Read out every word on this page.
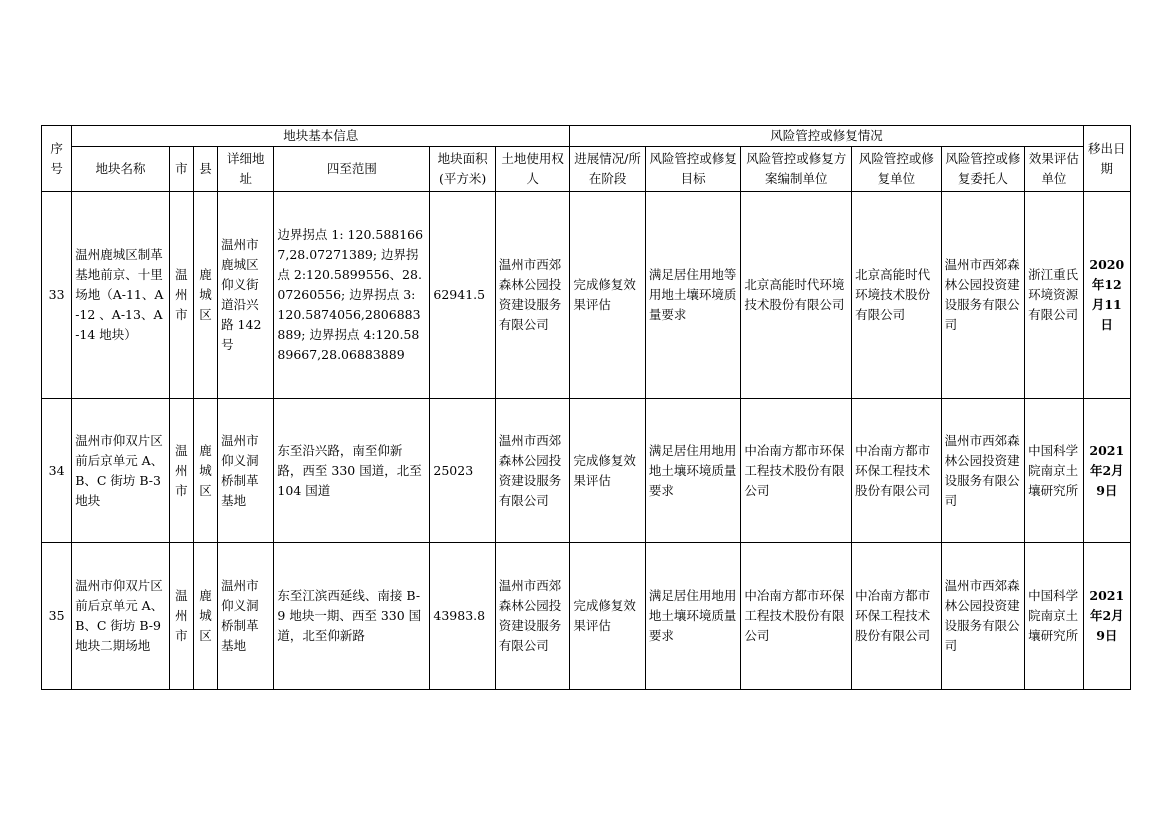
序号	地块基本信息							风险管控或修复情况						移出日期
	地块名称	市	县	详细地址	四至范围	地块面积(平方米)	土地使用权人	进展情况/所在阶段	风险管控或修复目标	风险管控或修复方案编制单位	风险管控或修复单位	风险管控或修复委托人	效果评估单位	
33	温州鹿城区制革基地前京、十里场地（A-11、A-12 、A-13、A-14 地块）	温州市	鹿城区	温州市鹿城区仰义街道沿兴路 142 号	边界拐点 1: 120.5881667,28.07271389; 边界拐点 2:120.5899556、28.07260556; 边界拐点 3: 120.5874056,2806883889; 边界拐点 4:120.5889667,28.06883889	62941.5	温州市西郊森林公园投资建设服务有限公司	完成修复效果评估	满足居住用地等用地土壤环境质量要求	北京高能时代环境技术股份有限公司	北京高能时代环境技术股份有限公司	温州市西郊森林公园投资建设服务有限公司	浙江重氏环境资源有限公司	2020年12月11日
34	温州市仰双片区前后京单元 A、B、C 街坊 B-3 地块	温州市	鹿城区	温州市仰义洞桥制革基地	东至沿兴路，南至仰新路，西至 330 国道，北至 104 国道	25023	温州市西郊森林公园投资建设服务有限公司	完成修复效果评估	满足居住用地用地土壤环境质量要求	中冶南方都市环保工程技术股份有限公司	中冶南方都市环保工程技术股份有限公司	温州市西郊森林公园投资建设服务有限公司	中国科学院南京土壤研究所	2021年2月9日
35	温州市仰双片区前后京单元 A、B、C 街坊 B-9 地块二期场地	温州市	鹿城区	温州市仰义洞桥制革基地	东至江滨西延线、南接 B-9 地块一期、西至 330 国道，北至仰新路	43983.8	温州市西郊森林公园投资建设服务有限公司	完成修复效果评估	满足居住用地用地土壤环境质量要求	中冶南方都市环保工程技术股份有限公司	中冶南方都市环保工程技术股份有限公司	温州市西郊森林公园投资建设服务有限公司	中国科学院南京土壤研究所	2021年2月9日
